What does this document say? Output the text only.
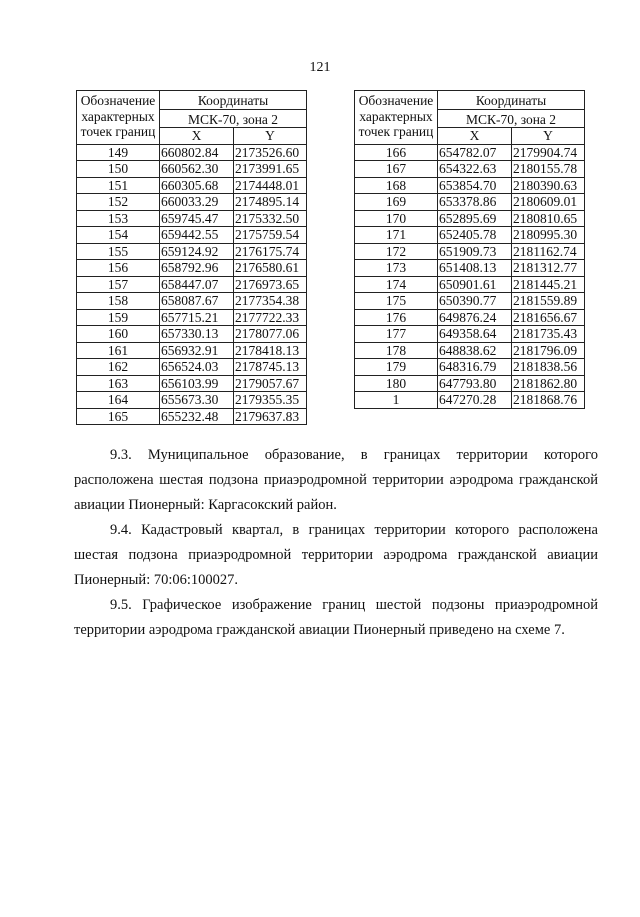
121
Обозначение
характерных
точек границ	Координаты	
	МСК-70, зона 2	
	X	Y
149	660802.84	2173526.60
150	660562.30	2173991.65
151	660305.68	2174448.01
152	660033.29	2174895.14
153	659745.47	2175332.50
154	659442.55	2175759.54
155	659124.92	2176175.74
156	658792.96	2176580.61
157	658447.07	2176973.65
158	658087.67	2177354.38
159	657715.21	2177722.33
160	657330.13	2178077.06
161	656932.91	2178418.13
162	656524.03	2178745.13
163	656103.99	2179057.67
164	655673.30	2179355.35
165	655232.48	2179637.83
Обозначение
характерных
точек границ	Координаты	
	МСК-70, зона 2	
	X	Y
166	654782.07	2179904.74
167	654322.63	2180155.78
168	653854.70	2180390.63
169	653378.86	2180609.01
170	652895.69	2180810.65
171	652405.78	2180995.30
172	651909.73	2181162.74
173	651408.13	2181312.77
174	650901.61	2181445.21
175	650390.77	2181559.89
176	649876.24	2181656.67
177	649358.64	2181735.43
178	648838.62	2181796.09
179	648316.79	2181838.56
180	647793.80	2181862.80
1	647270.28	2181868.76
9.3. Муниципальное образование, в границах территории которого расположена шестая подзона приаэродромной территории аэродрома гражданской авиации Пионерный: Каргасокский район.
9.4. Кадастровый квартал, в границах территории которого расположена шестая подзона приаэродромной территории аэродрома гражданской авиации Пионерный: 70:06:100027.
9.5. Графическое изображение границ шестой подзоны приаэродромной территории аэродрома гражданской авиации Пионерный приведено на схеме 7.
